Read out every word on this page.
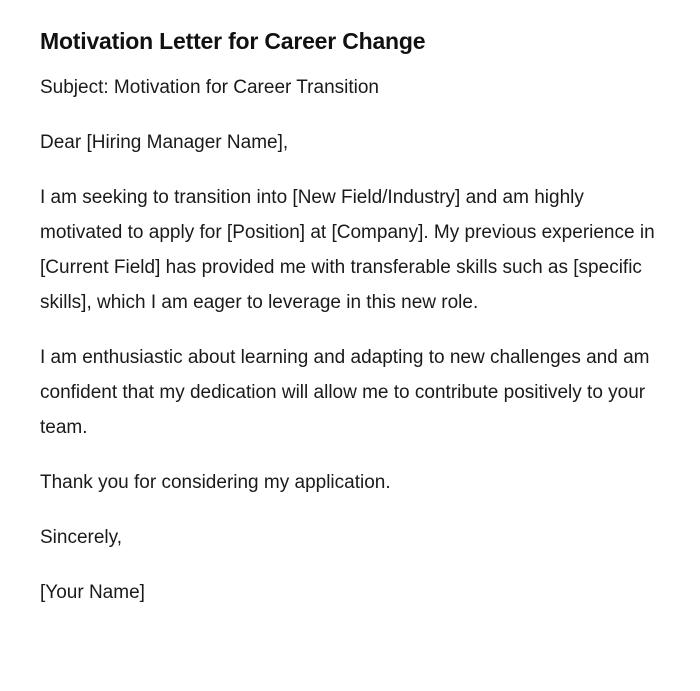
Motivation Letter for Career Change

Subject: Motivation for Career Transition

Dear [Hiring Manager Name],

I am seeking to transition into [New Field/Industry] and am highly motivated to apply for [Position] at [Company]. My previous experience in [Current Field] has provided me with transferable skills such as [specific skills], which I am eager to leverage in this new role.

I am enthusiastic about learning and adapting to new challenges and am confident that my dedication will allow me to contribute positively to your team.

Thank you for considering my application.

Sincerely,

[Your Name]
